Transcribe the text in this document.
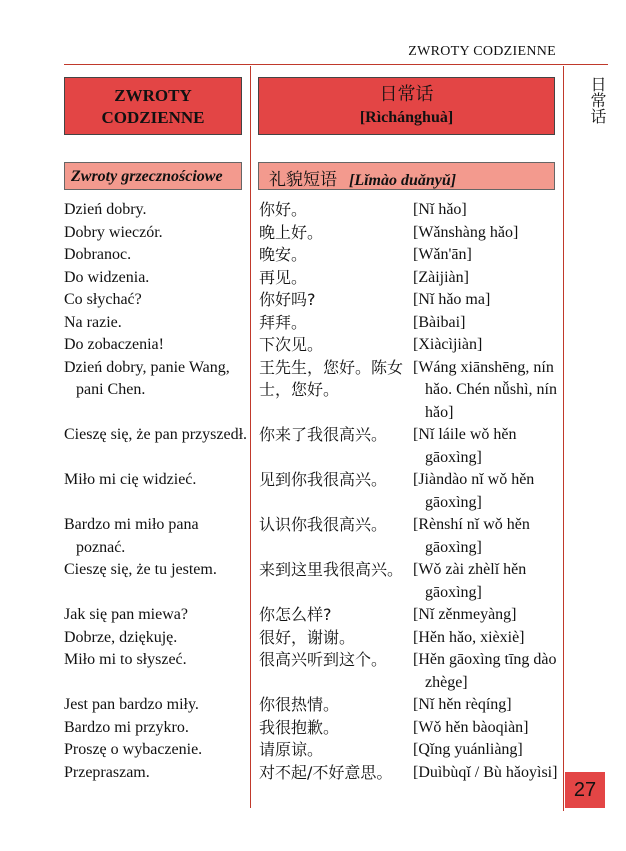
ZWROTY CODZIENNE
日常话
ZWROTY CODZIENNE
日常话
[Rìchánghuà]
Zwroty grzecznościowe	礼貌短语 [Lǐmào duǎnyǔ]
Dzień dobry.
Dobry wieczór.
Dobranoc.
Do widzenia.
Co słychać?
Na razie.
Do zobaczenia!
Dzień dobry, panie Wang, pani Chen.
Cieszę się, że pan przyszedł.
Miło mi cię widzieć.
Bardzo mi miło pana poznać.
Cieszę się, że tu jestem.
Jak się pan miewa?
Dobrze, dziękuję.
Miło mi to słyszeć.
Jest pan bardzo miły.
Bardzo mi przykro.
Proszę o wybaczenie.
Przepraszam.
你好。
晚上好。
晚安。
再见。
你好吗?
拜拜。
下次见。
王先生，您好。陈女士，您好。
你来了我很高兴。
见到你我很高兴。
认识你我很高兴。
来到这里我很高兴。
你怎么样?
很好，谢谢。
很高兴听到这个。
你很热情。
我很抱歉。
请原谅。
对不起/不好意思。
[Nǐ hǎo]
[Wǎnshàng hǎo]
[Wǎn'ān]
[Zàijiàn]
[Nǐ hǎo ma]
[Bàibai]
[Xiàcìjiàn]
[Wáng xiānshēng, nín hǎo. Chén nǚshì, nín hǎo]
[Nǐ láile wǒ hěn gāoxìng]
[Jiàndào nǐ wǒ hěn gāoxìng]
[Rènshí nǐ wǒ hěn gāoxìng]
[Wǒ zài zhèlǐ hěn gāoxìng]
[Nǐ zěnmeyàng]
[Hěn hǎo, xièxiè]
[Hěn gāoxìng tīng dào zhège]
[Nǐ hěn rèqíng]
[Wǒ hěn bàoqiàn]
[Qǐng yuánliàng]
[Duìbùqǐ / Bù hǎoyìsi]
27
